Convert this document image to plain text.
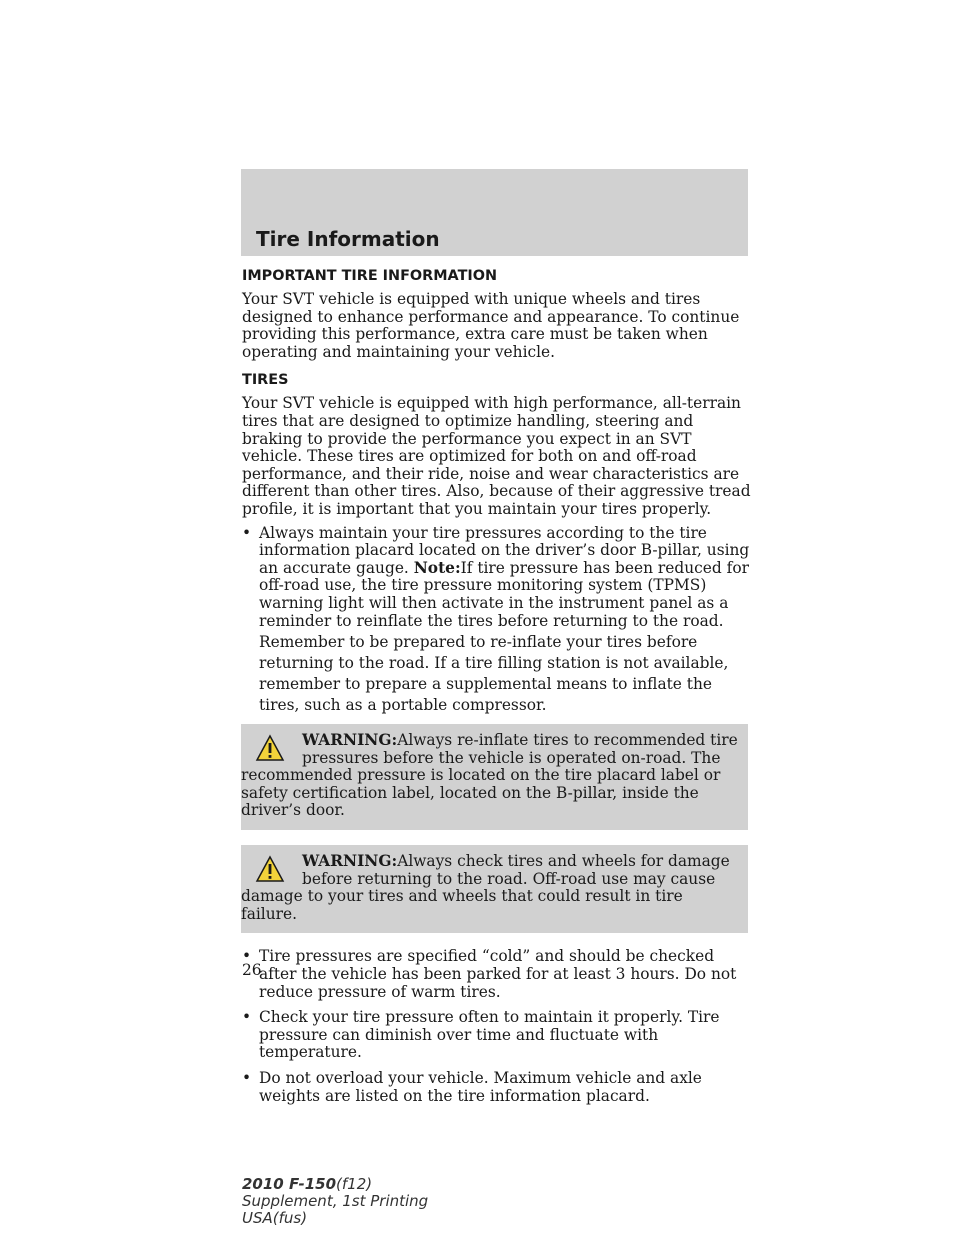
Tire Information
IMPORTANT TIRE INFORMATION

Your SVT vehicle is equipped with unique wheels and tires designed to enhance performance and appearance. To continue providing this performance, extra care must be taken when operating and maintaining your vehicle.

TIRES

Your SVT vehicle is equipped with high performance, all-terrain tires that are designed to optimize handling, steering and braking to provide the performance you expect in an SVT vehicle. These tires are optimized for both on and off-road performance, and their ride, noise and wear characteristics are different than other tires. Also, because of their aggressive tread profile, it is important that you maintain your tires properly.

• Always maintain your tire pressures according to the tire information placard located on the driver’s door B-pillar, using an accurate gauge. Note:If tire pressure has been reduced for off-road use, the tire pressure monitoring system (TPMS) warning light will then activate in the instrument panel as a reminder to reinflate the tires before returning to the road.

Remember to be prepared to re-inflate your tires before returning to the road. If a tire filling station is not available, remember to prepare a supplemental means to inflate the tires, such as a portable compressor.

WARNING:Always re-inflate tires to recommended tire pressures before the vehicle is operated on-road. The recommended pressure is located on the tire placard label or safety certification label, located on the B-pillar, inside the driver’s door.

WARNING:Always check tires and wheels for damage before returning to the road. Off-road use may cause damage to your tires and wheels that could result in tire failure.

• Tire pressures are specified “cold” and should be checked after the vehicle has been parked for at least 3 hours. Do not reduce pressure of warm tires.

• Check your tire pressure often to maintain it properly. Tire pressure can diminish over time and fluctuate with temperature.

• Do not overload your vehicle. Maximum vehicle and axle weights are listed on the tire information placard.

26
2010 F-150(f12)
Supplement, 1st Printing
USA(fus)
